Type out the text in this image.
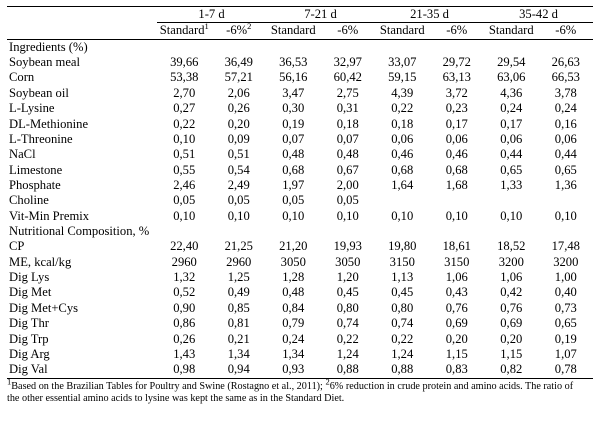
	1-7 d		7-21 d		21-35 d		35-42 d	
	Standard$^1$	-6%$^2$	Standard	-6%	Standard	-6%	Standard	-6%
Ingredients (%)								
Soybean meal	39,66	36,49	36,53	32,97	33,07	29,72	29,54	26,63
Corn	53,38	57,21	56,16	60,42	59,15	63,13	63,06	66,53
Soybean oil	2,70	2,06	3,47	2,75	4,39	3,72	4,36	3,78
L-Lysine	0,27	0,26	0,30	0,31	0,22	0,23	0,24	0,24
DL-Methionine	0,22	0,20	0,19	0,18	0,18	0,17	0,17	0,16
L-Threonine	0,10	0,09	0,07	0,07	0,06	0,06	0,06	0,06
NaCl	0,51	0,51	0,48	0,48	0,46	0,46	0,44	0,44
Limestone	0,55	0,54	0,68	0,67	0,68	0,68	0,65	0,65
Phosphate	2,46	2,49	1,97	2,00	1,64	1,68	1,33	1,36
Choline	0,05	0,05	0,05	0,05				
Vit-Min Premix	0,10	0,10	0,10	0,10	0,10	0,10	0,10	0,10
Nutritional Composition, %								
CP	22,40	21,25	21,20	19,93	19,80	18,61	18,52	17,48
ME, kcal/kg	2960	2960	3050	3050	3150	3150	3200	3200
Dig Lys	1,32	1,25	1,28	1,20	1,13	1,06	1,06	1,00
Dig Met	0,52	0,49	0,48	0,45	0,45	0,43	0,42	0,40
Dig Met+Cys	0,90	0,85	0,84	0,80	0,80	0,76	0,76	0,73
Dig Thr	0,86	0,81	0,79	0,74	0,74	0,69	0,69	0,65
Dig Trp	0,26	0,21	0,24	0,22	0,22	0,20	0,20	0,19
Dig Arg	1,43	1,34	1,34	1,24	1,24	1,15	1,15	1,07
Dig Val	0,98	0,94	0,93	0,88	0,88	0,83	0,82	0,78
$^1$Based on the Brazilian Tables for Poultry and Swine (Rostagno et al., 2011); $^2$6% reduction in crude protein and amino acids. The ratio of
the other essential amino acids to lysine was kept the same as in the Standard Diet.
